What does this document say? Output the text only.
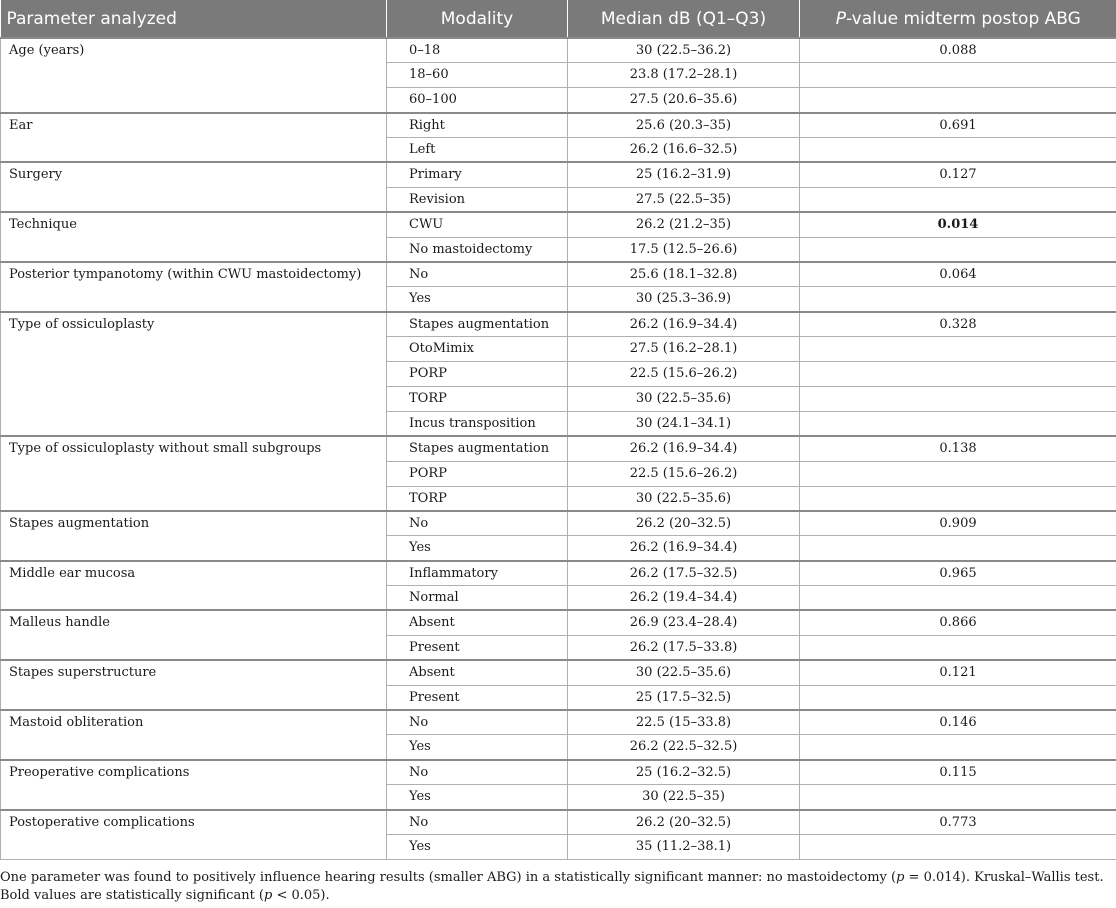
Parameter analyzed	Modality	Median dB (Q1–Q3)	P-value midterm postop ABG
Age (years)	0–18	30 (22.5–36.2)	0.088
	18–60	23.8 (17.2–28.1)	
	60–100	27.5 (20.6–35.6)	
Ear	Right	25.6 (20.3–35)	0.691
	Left	26.2 (16.6–32.5)	
Surgery	Primary	25 (16.2–31.9)	0.127
	Revision	27.5 (22.5–35)	
Technique	CWU	26.2 (21.2–35)	0.014
	No mastoidectomy	17.5 (12.5–26.6)	
Posterior tympanotomy (within CWU mastoidectomy)	No	25.6 (18.1–32.8)	0.064
	Yes	30 (25.3–36.9)	
Type of ossiculoplasty	Stapes augmentation	26.2 (16.9–34.4)	0.328
	OtoMimix	27.5 (16.2–28.1)	
	PORP	22.5 (15.6–26.2)	
	TORP	30 (22.5–35.6)	
	Incus transposition	30 (24.1–34.1)	
Type of ossiculoplasty without small subgroups	Stapes augmentation	26.2 (16.9–34.4)	0.138
	PORP	22.5 (15.6–26.2)	
	TORP	30 (22.5–35.6)	
Stapes augmentation	No	26.2 (20–32.5)	0.909
	Yes	26.2 (16.9–34.4)	
Middle ear mucosa	Inflammatory	26.2 (17.5–32.5)	0.965
	Normal	26.2 (19.4–34.4)	
Malleus handle	Absent	26.9 (23.4–28.4)	0.866
	Present	26.2 (17.5–33.8)	
Stapes superstructure	Absent	30 (22.5–35.6)	0.121
	Present	25 (17.5–32.5)	
Mastoid obliteration	No	22.5 (15–33.8)	0.146
	Yes	26.2 (22.5–32.5)	
Preoperative complications	No	25 (16.2–32.5)	0.115
	Yes	30 (22.5–35)	
Postoperative complications	No	26.2 (20–32.5)	0.773
	Yes	35 (11.2–38.1)	
One parameter was found to positively influence hearing results (smaller ABG) in a statistically significant manner: no mastoidectomy (p = 0.014). Kruskal–Wallis test.
Bold values are statistically significant (p < 0.05).
